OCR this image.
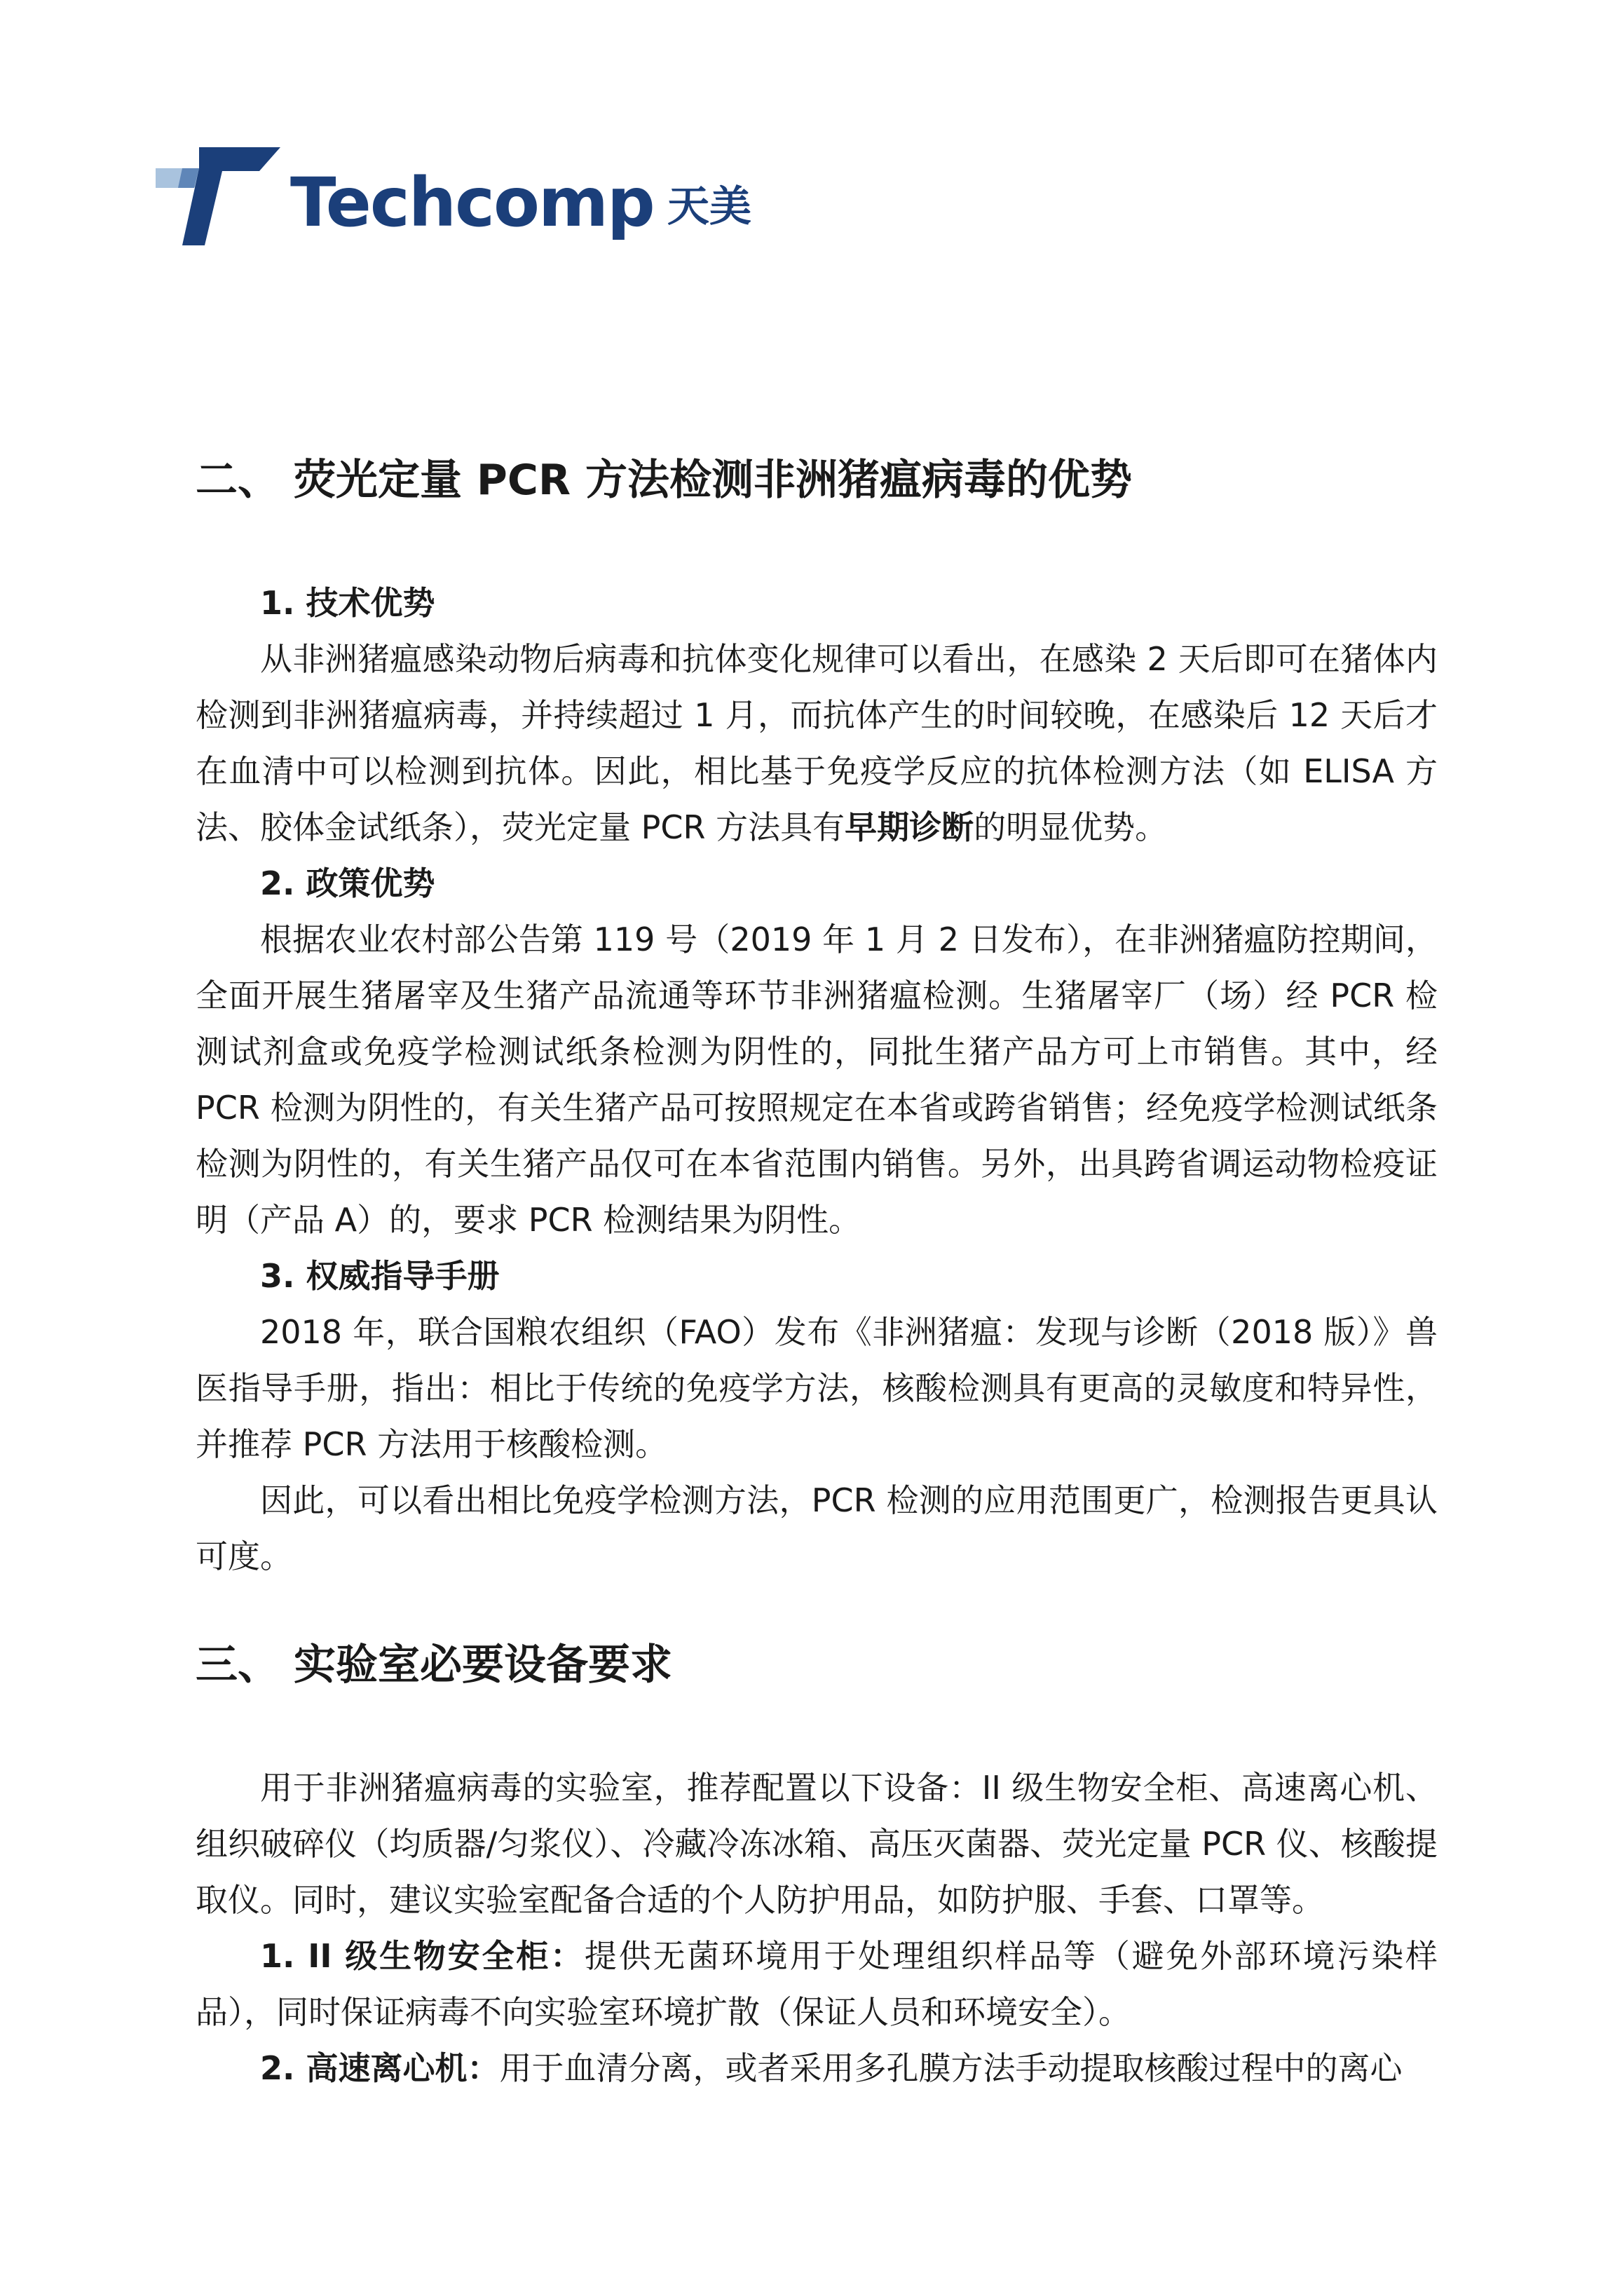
Techcomp 天美
二、 荧光定量 PCR 方法检测非洲猪瘟病毒的优势

1. 技术优势

从非洲猪瘟感染动物后病毒和抗体变化规律可以看出，在感染 2 天后即可在猪体内检测到非洲猪瘟病毒，并持续超过 1 月，而抗体产生的时间较晚，在感染后 12 天后才在血清中可以检测到抗体。因此，相比基于免疫学反应的抗体检测方法（如 ELISA 方法、胶体金试纸条），荧光定量 PCR 方法具有早期诊断的明显优势。

2. 政策优势

根据农业农村部公告第 119 号（2019 年 1 月 2 日发布），在非洲猪瘟防控期间，全面开展生猪屠宰及生猪产品流通等环节非洲猪瘟检测。生猪屠宰厂（场）经 PCR 检测试剂盒或免疫学检测试纸条检测为阴性的，同批生猪产品方可上市销售。其中，经 PCR 检测为阴性的，有关生猪产品可按照规定在本省或跨省销售；经免疫学检测试纸条检测为阴性的，有关生猪产品仅可在本省范围内销售。另外，出具跨省调运动物检疫证明（产品 A）的，要求 PCR 检测结果为阴性。

3. 权威指导手册

2018 年，联合国粮农组织（FAO）发布《非洲猪瘟：发现与诊断（2018 版）》兽医指导手册，指出：相比于传统的免疫学方法，核酸检测具有更高的灵敏度和特异性，并推荐 PCR 方法用于核酸检测。

因此，可以看出相比免疫学检测方法，PCR 检测的应用范围更广，检测报告更具认可度。

三、 实验室必要设备要求

用于非洲猪瘟病毒的实验室，推荐配置以下设备：II 级生物安全柜、高速离心机、组织破碎仪（均质器/匀浆仪）、冷藏冷冻冰箱、高压灭菌器、荧光定量 PCR 仪、核酸提取仪。同时，建议实验室配备合适的个人防护用品，如防护服、手套、口罩等。

1. II 级生物安全柜：提供无菌环境用于处理组织样品等（避免外部环境污染样品），同时保证病毒不向实验室环境扩散（保证人员和环境安全）。

2. 高速离心机：用于血清分离，或者采用多孔膜方法手动提取核酸过程中的离心
